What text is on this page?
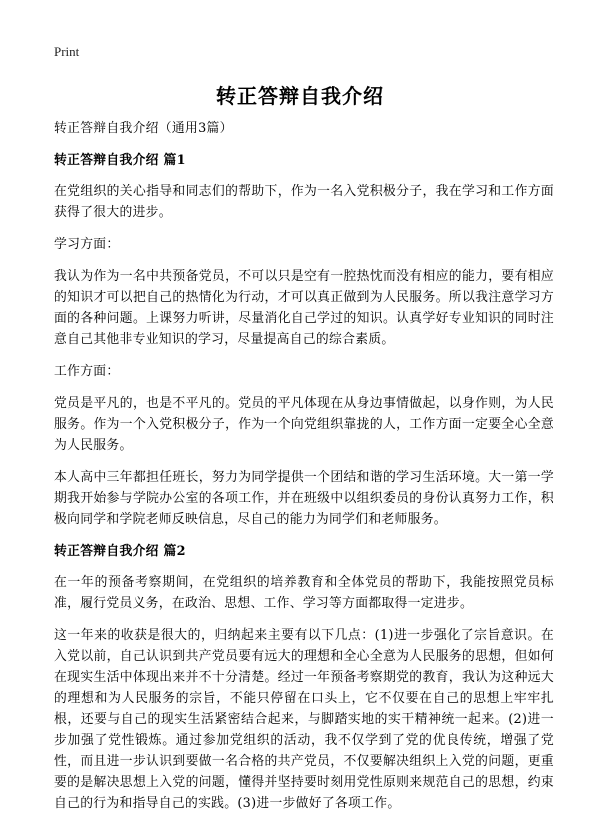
Print
转正答辩自我介绍

转正答辩自我介绍（通用3篇）

转正答辩自我介绍 篇1

在党组织的关心指导和同志们的帮助下，作为一名入党积极分子，我在学习和工作方面获得了很大的进步。

学习方面：

我认为作为一名中共预备党员，不可以只是空有一腔热忱而没有相应的能力，要有相应的知识才可以把自己的热情化为行动，才可以真正做到为人民服务。所以我注意学习方面的各种问题。上课努力听讲，尽量消化自己学过的知识。认真学好专业知识的同时注意自己其他非专业知识的学习，尽量提高自己的综合素质。

工作方面：

党员是平凡的，也是不平凡的。党员的平凡体现在从身边事情做起，以身作则，为人民服务。作为一个入党积极分子，作为一个向党组织靠拢的人，工作方面一定要全心全意为人民服务。

本人高中三年都担任班长，努力为同学提供一个团结和谐的学习生活环境。大一第一学期我开始参与学院办公室的各项工作，并在班级中以组织委员的身份认真努力工作，积极向同学和学院老师反映信息，尽自己的能力为同学们和老师服务。

转正答辩自我介绍 篇2

在一年的预备考察期间，在党组织的培养教育和全体党员的帮助下，我能按照党员标准，履行党员义务，在政治、思想、工作、学习等方面都取得一定进步。

这一年来的收获是很大的，归纳起来主要有以下几点：(1)进一步强化了宗旨意识。在入党以前，自己认识到共产党员要有远大的理想和全心全意为人民服务的思想，但如何在现实生活中体现出来并不十分清楚。经过一年预备考察期党的教育，我认为这种远大的理想和为人民服务的宗旨，不能只停留在口头上，它不仅要在自己的思想上牢牢扎根，还要与自己的现实生活紧密结合起来，与脚踏实地的实干精神统一起来。(2)进一步加强了党性锻炼。通过参加党组织的活动，我不仅学到了党的优良传统，增强了党性，而且进一步认识到要做一名合格的共产党员，不仅要解决组织上入党的问题，更重要的是解决思想上入党的问题，懂得并坚持要时刻用党性原则来规范自己的思想，约束自己的行为和指导自己的实践。(3)进一步做好了各项工作。
